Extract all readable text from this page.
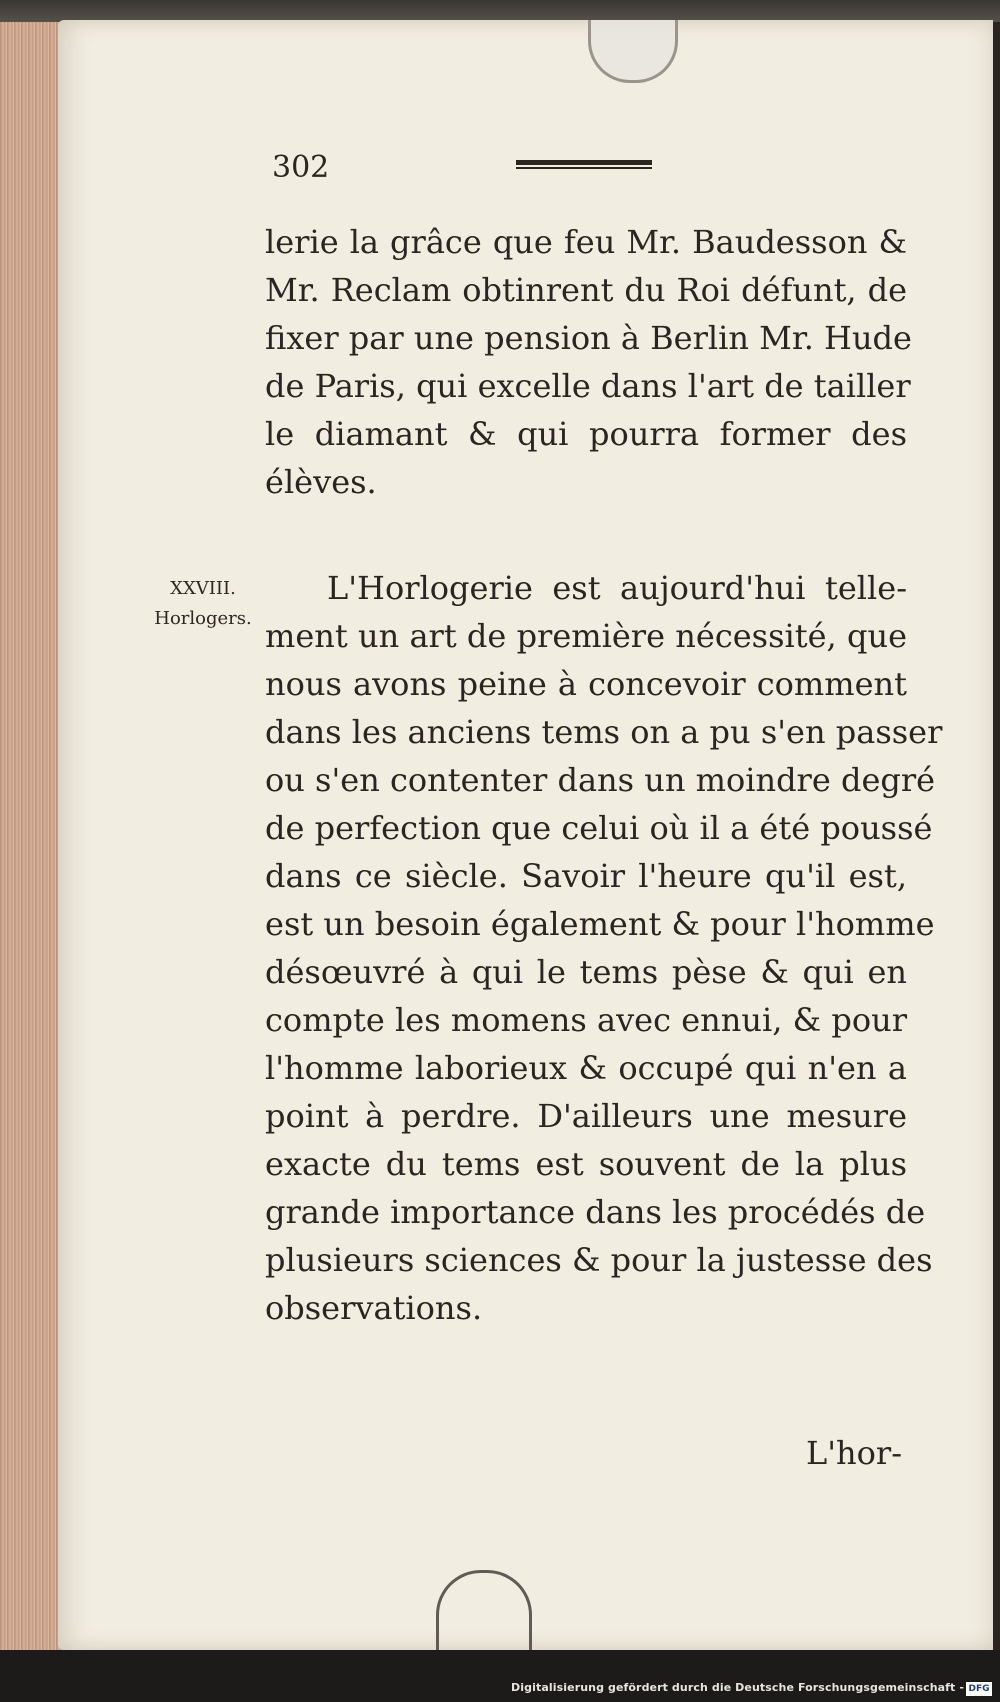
302
lerie la grâce que feu Mr. Baudesson &
Mr. Reclam obtinrent du Roi défunt, de
fixer par une pension à Berlin Mr. Hude
de Paris, qui excelle dans l'art de tailler
le diamant & qui pourra former des
élèves.
XXVIII.
Horlogers.
L'Horlogerie est aujourd'hui telle-
ment un art de première nécessité, que
nous avons peine à concevoir comment
dans les anciens tems on a pu s'en passer
ou s'en contenter dans un moindre degré
de perfection que celui où il a été poussé
dans ce siècle. Savoir l'heure qu'il est,
est un besoin également & pour l'homme
désœuvré à qui le tems pèse & qui en
compte les momens avec ennui, & pour
l'homme laborieux & occupé qui n'en a
point à perdre. D'ailleurs une mesure
exacte du tems est souvent de la plus
grande importance dans les procédés de
plusieurs sciences & pour la justesse des
observations.
L'hor-
Digitalisierung gefördert durch die Deutsche Forschungsgemeinschaft - DFG
